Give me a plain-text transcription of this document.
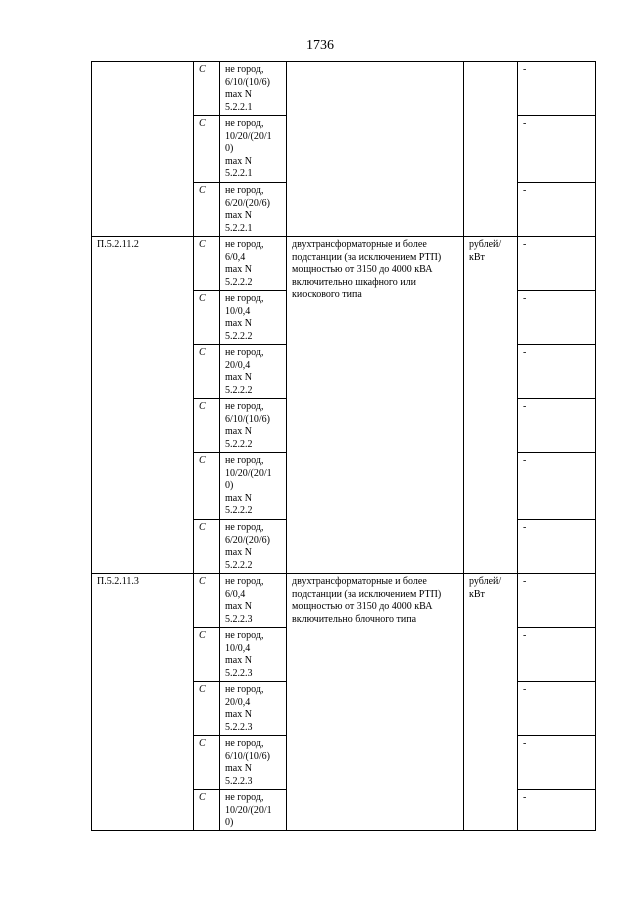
1736
	C	не город,
6/10/(10/6)
max N
5.2.2.1			-
	C	не город,
10/20/(20/1
0)
max N
5.2.2.1			-
	C	не город,
6/20/(20/6)
max N
5.2.2.1			-
П.5.2.11.2	C	не город,
6/0,4
max N
5.2.2.2	двухтрансформаторные и более подстанции (за исключением РТП) мощностью от 3150 до 4000 кВА включительно шкафного или киоскового типа	рублей/
кВт	-
	C	не город,
10/0,4
max N
5.2.2.2			-
	C	не город,
20/0,4
max N
5.2.2.2			-
	C	не город,
6/10/(10/6)
max N
5.2.2.2			-
	C	не город,
10/20/(20/1
0)
max N
5.2.2.2			-
	C	не город,
6/20/(20/6)
max N
5.2.2.2			-
П.5.2.11.3	C	не город,
6/0,4
max N
5.2.2.3	двухтрансформаторные и более подстанции (за исключением РТП) мощностью от 3150 до 4000 кВА включительно блочного типа	рублей/
кВт	-
	C	не город,
10/0,4
max N
5.2.2.3			-
	C	не город,
20/0,4
max N
5.2.2.3			-
	C	не город,
6/10/(10/6)
max N
5.2.2.3			-
	C	не город,
10/20/(20/1
0)			-
